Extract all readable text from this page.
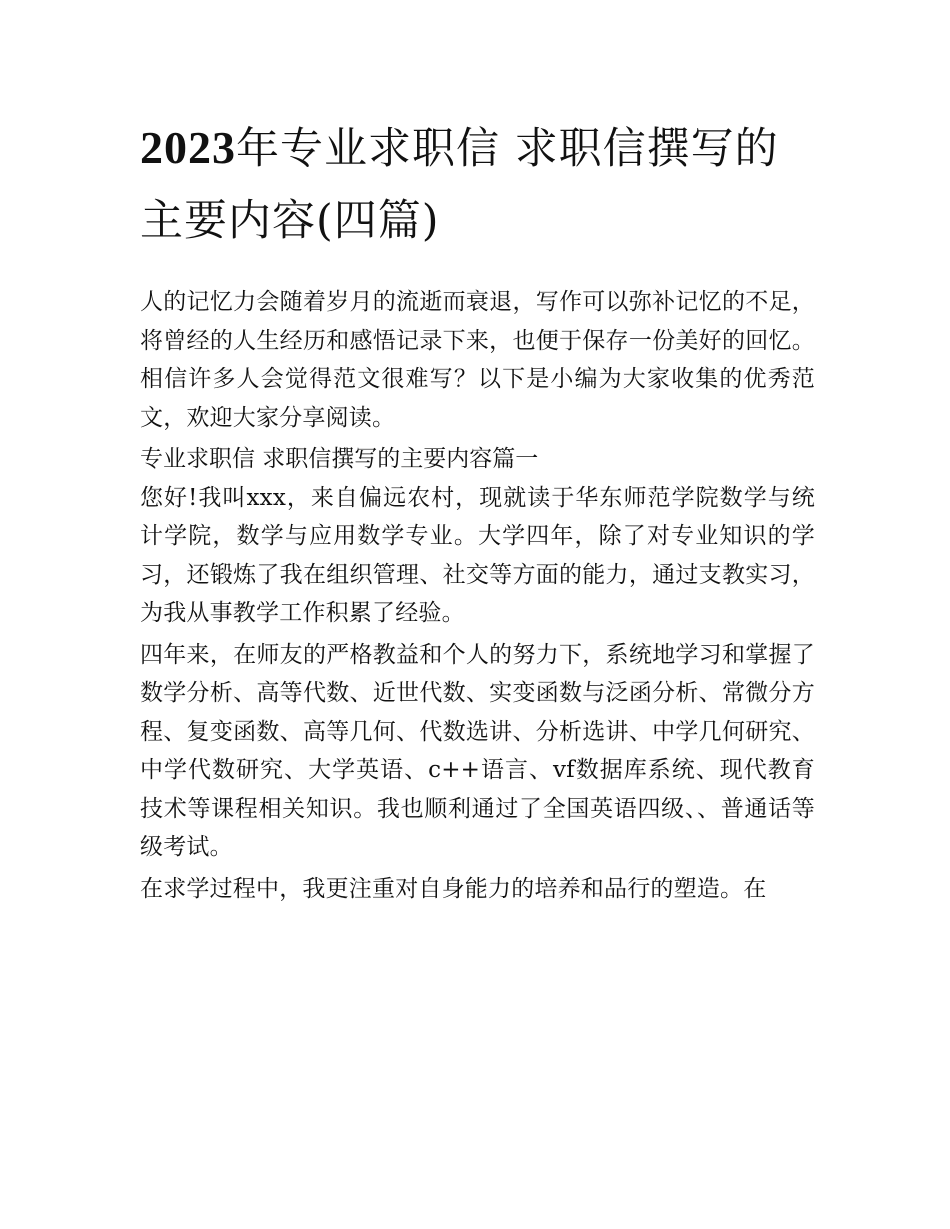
2023年专业求职信 求职信撰写的主要内容(四篇)

人的记忆力会随着岁月的流逝而衰退，写作可以弥补记忆的不足，将曾经的人生经历和感悟记录下来，也便于保存一份美好的回忆。相信许多人会觉得范文很难写？以下是小编为大家收集的优秀范文，欢迎大家分享阅读。

专业求职信 求职信撰写的主要内容篇一

您好!我叫xxx，来自偏远农村，现就读于华东师范学院数学与统计学院，数学与应用数学专业。大学四年，除了对专业知识的学习，还锻炼了我在组织管理、社交等方面的能力，通过支教实习，为我从事教学工作积累了经验。

四年来，在师友的严格教益和个人的努力下，系统地学习和掌握了数学分析、高等代数、近世代数、实变函数与泛函分析、常微分方程、复变函数、高等几何、代数选讲、分析选讲、中学几何研究、中学代数研究、大学英语、c++语言、vf数据库系统、现代教育技术等课程相关知识。我也顺利通过了全国英语四级、、普通话等级考试。

在求学过程中，我更注重对自身能力的培养和品行的塑造。在
